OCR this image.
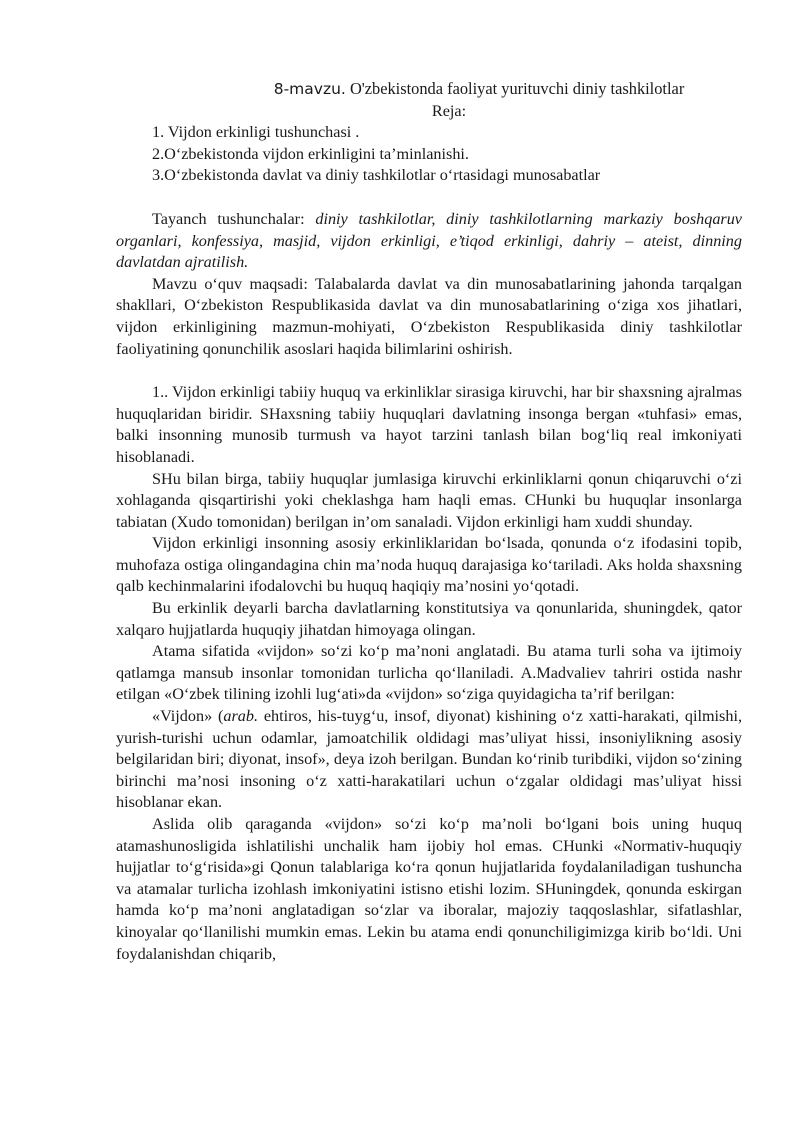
8-mavzu. O'zbekistonda faoliyat yurituvchi diniy tashkilotlar
Reja:
1. Vijdon erkinligi tushunchasi .
2.O‘zbekistonda vijdon erkinligini ta’minlanishi.
3.O‘zbekistonda davlat va diniy tashkilotlar o‘rtasidagi munosabatlar

Tayanch tushunchalar: diniy tashkilotlar, diniy tashkilotlarning markaziy boshqaruv organlari, konfessiya, masjid, vijdon erkinligi, e’tiqod erkinligi, dahriy – ateist, dinning davlatdan ajratilish.

Mavzu o‘quv maqsadi: Talabalarda davlat va din munosabatlarining jahonda tarqalgan shakllari, O‘zbekiston Respublikasida davlat va din munosabatlarining o‘ziga xos jihatlari, vijdon erkinligining mazmun-mohiyati, O‘zbekiston Respublikasida diniy tashkilotlar faoliyatining qonunchilik asoslari haqida bilimlarini oshirish.

1.. Vijdon erkinligi tabiiy huquq va erkinliklar sirasiga kiruvchi, har bir shaxsning ajralmas huquqlaridan biridir. SHaxsning tabiiy huquqlari davlatning insonga bergan «tuhfasi» emas, balki insonning munosib turmush va hayot tarzini tanlash bilan bog‘liq real imkoniyati hisoblanadi.

SHu bilan birga, tabiiy huquqlar jumlasiga kiruvchi erkinliklarni qonun chiqaruvchi o‘zi xohlaganda qisqartirishi yoki cheklashga ham haqli emas. CHunki bu huquqlar insonlarga tabiatan (Xudo tomonidan) berilgan in’om sanaladi. Vijdon erkinligi ham xuddi shunday.

Vijdon erkinligi insonning asosiy erkinliklaridan bo‘lsada, qonunda o‘z ifodasini topib, muhofaza ostiga olingandagina chin ma’noda huquq darajasiga ko‘tariladi. Aks holda shaxsning qalb kechinmalarini ifodalovchi bu huquq haqiqiy ma’nosini yo‘qotadi.

Bu erkinlik deyarli barcha davlatlarning konstitutsiya va qonunlarida, shuningdek, qator xalqaro hujjatlarda huquqiy jihatdan himoyaga olingan.

Atama sifatida «vijdon» so‘zi ko‘p ma’noni anglatadi. Bu atama turli soha va ijtimoiy qatlamga mansub insonlar tomonidan turlicha qo‘llaniladi. A.Madvaliev tahriri ostida nashr etilgan «O‘zbek tilining izohli lug‘ati»da «vijdon» so‘ziga quyidagicha ta’rif berilgan:

«Vijdon» (arab. ehtiros, his-tuyg‘u, insof, diyonat) kishining o‘z xatti-harakati, qilmishi, yurish-turishi uchun odamlar, jamoatchilik oldidagi mas’uliyat hissi, insoniylikning asosiy belgilaridan biri; diyonat, insof», deya izoh berilgan. Bundan ko‘rinib turibdiki, vijdon so‘zining birinchi ma’nosi insoning o‘z xatti-harakatilari uchun o‘zgalar oldidagi mas’uliyat hissi hisoblanar ekan.

Aslida olib qaraganda «vijdon» so‘zi ko‘p ma’noli bo‘lgani bois uning huquq atamashunosligida ishlatilishi unchalik ham ijobiy hol emas. CHunki «Normativ-huquqiy hujjatlar to‘g‘risida»gi Qonun talablariga ko‘ra qonun hujjatlarida foydalaniladigan tushuncha va atamalar turlicha izohlash imkoniyatini istisno etishi lozim. SHuningdek, qonunda eskirgan hamda ko‘p ma’noni anglatadigan so‘zlar va iboralar, majoziy taqqoslashlar, sifatlashlar, kinoyalar qo‘llanilishi mumkin emas. Lekin bu atama endi qonunchiligimizga kirib bo‘ldi. Uni foydalanishdan chiqarib,
